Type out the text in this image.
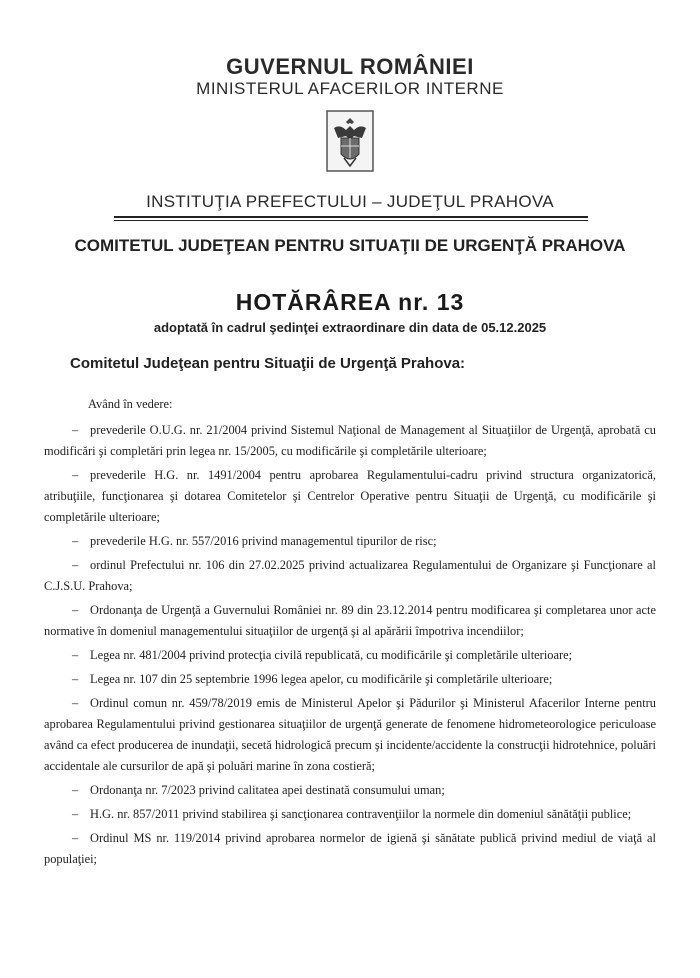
GUVERNUL ROMÂNIEI
MINISTERUL AFACERILOR INTERNE
INSTITUŢIA PREFECTULUI – JUDEŢUL PRAHOVA
COMITETUL JUDEŢEAN PENTRU SITUAŢII DE URGENŢĂ PRAHOVA
HOTĂRÂREA nr. 13
adoptată în cadrul şedinţei extraordinare din data de 05.12.2025
Comitetul Judeţean pentru Situaţii de Urgenţă Prahova:

Având în vedere:

– prevederile O.U.G. nr. 21/2004 privind Sistemul Naţional de Management al Situaţiilor de Urgenţă, aprobată cu modificări şi completări prin legea nr. 15/2005, cu modificările şi completările ulterioare;

– prevederile H.G. nr. 1491/2004 pentru aprobarea Regulamentului-cadru privind structura organizatorică, atribuţiile, funcţionarea şi dotarea Comitetelor şi Centrelor Operative pentru Situaţii de Urgenţă, cu modificările şi completările ulterioare;

– prevederile H.G. nr. 557/2016 privind managementul tipurilor de risc;

– ordinul Prefectului nr. 106 din 27.02.2025 privind actualizarea Regulamentului de Organizare şi Funcţionare al C.J.S.U. Prahova;

– Ordonanţa de Urgenţă a Guvernului României nr. 89 din 23.12.2014 pentru modificarea şi completarea unor acte normative în domeniul managementului situaţiilor de urgenţă şi al apărării împotriva incendiilor;

– Legea nr. 481/2004 privind protecţia civilă republicată, cu modificările şi completările ulterioare;

– Legea nr. 107 din 25 septembrie 1996 legea apelor, cu modificările şi completările ulterioare;

– Ordinul comun nr. 459/78/2019 emis de Ministerul Apelor şi Pădurilor şi Ministerul Afacerilor Interne pentru aprobarea Regulamentului privind gestionarea situaţiilor de urgenţă generate de fenomene hidrometeorologice periculoase având ca efect producerea de inundaţii, secetă hidrologică precum şi incidente/accidente la construcţii hidrotehnice, poluări accidentale ale cursurilor de apă şi poluări marine în zona costieră;

– Ordonanţa nr. 7/2023 privind calitatea apei destinată consumului uman;

– H.G. nr. 857/2011 privind stabilirea şi sancţionarea contravenţiilor la normele din domeniul sănătăţii publice;

– Ordinul MS nr. 119/2014 privind aprobarea normelor de igienă şi sănătate publică privind mediul de viaţă al populaţiei;
